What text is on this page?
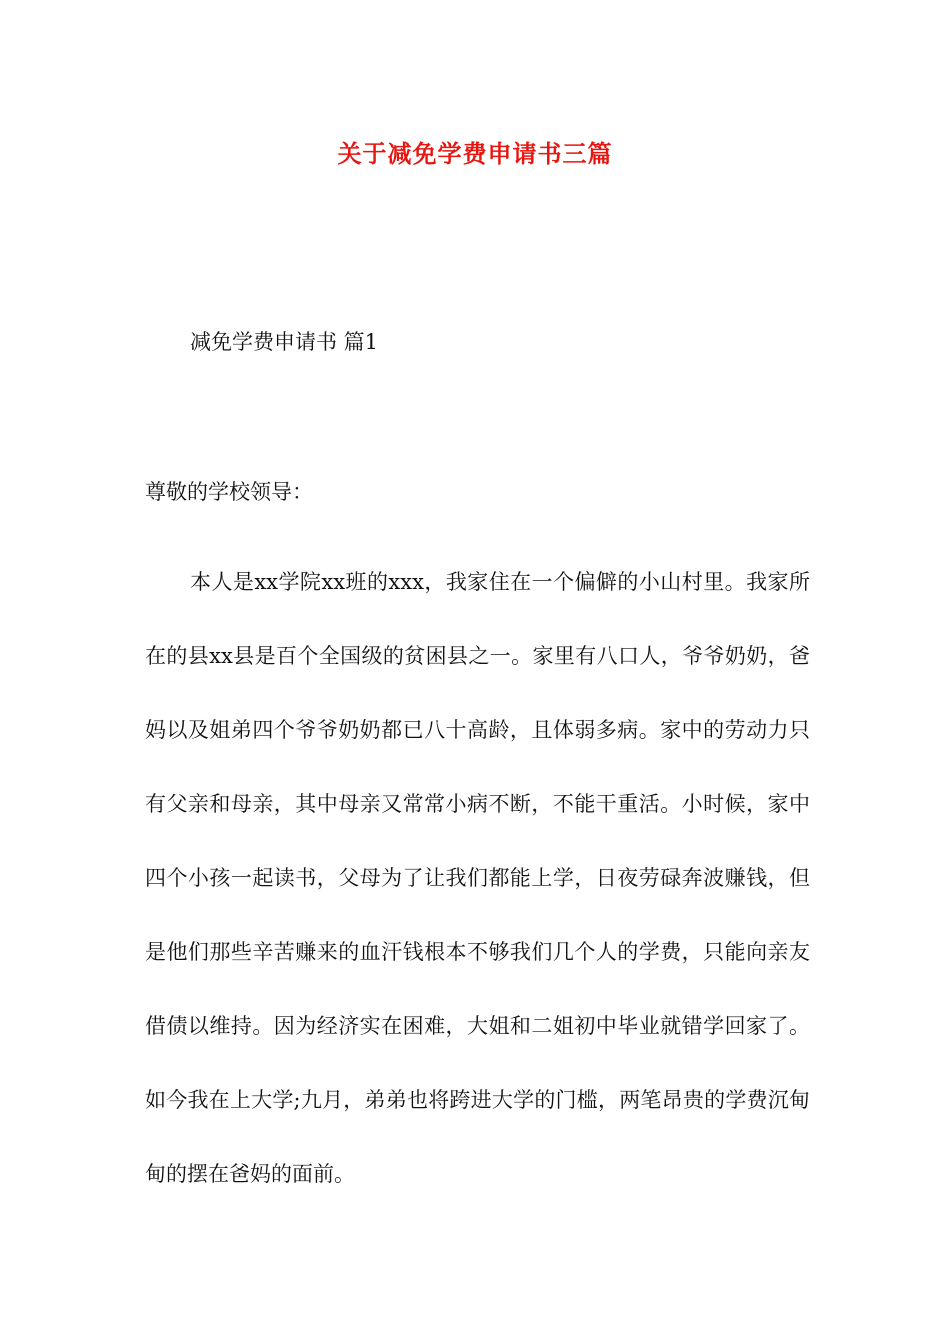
关于减免学费申请书三篇

减免学费申请书 篇1

尊敬的学校领导：

本人是xx学院xx班的xxx，我家住在一个偏僻的小山村里。我家所在的县xx县是百个全国级的贫困县之一。家里有八口人，爷爷奶奶，爸妈以及姐弟四个爷爷奶奶都已八十高龄，且体弱多病。家中的劳动力只有父亲和母亲，其中母亲又常常小病不断，不能干重活。小时候，家中四个小孩一起读书，父母为了让我们都能上学，日夜劳碌奔波赚钱，但是他们那些辛苦赚来的血汗钱根本不够我们几个人的学费，只能向亲友借债以维持。因为经济实在困难，大姐和二姐初中毕业就错学回家了。如今我在上大学;九月，弟弟也将跨进大学的门槛，两笔昂贵的学费沉甸甸的摆在爸妈的面前。
